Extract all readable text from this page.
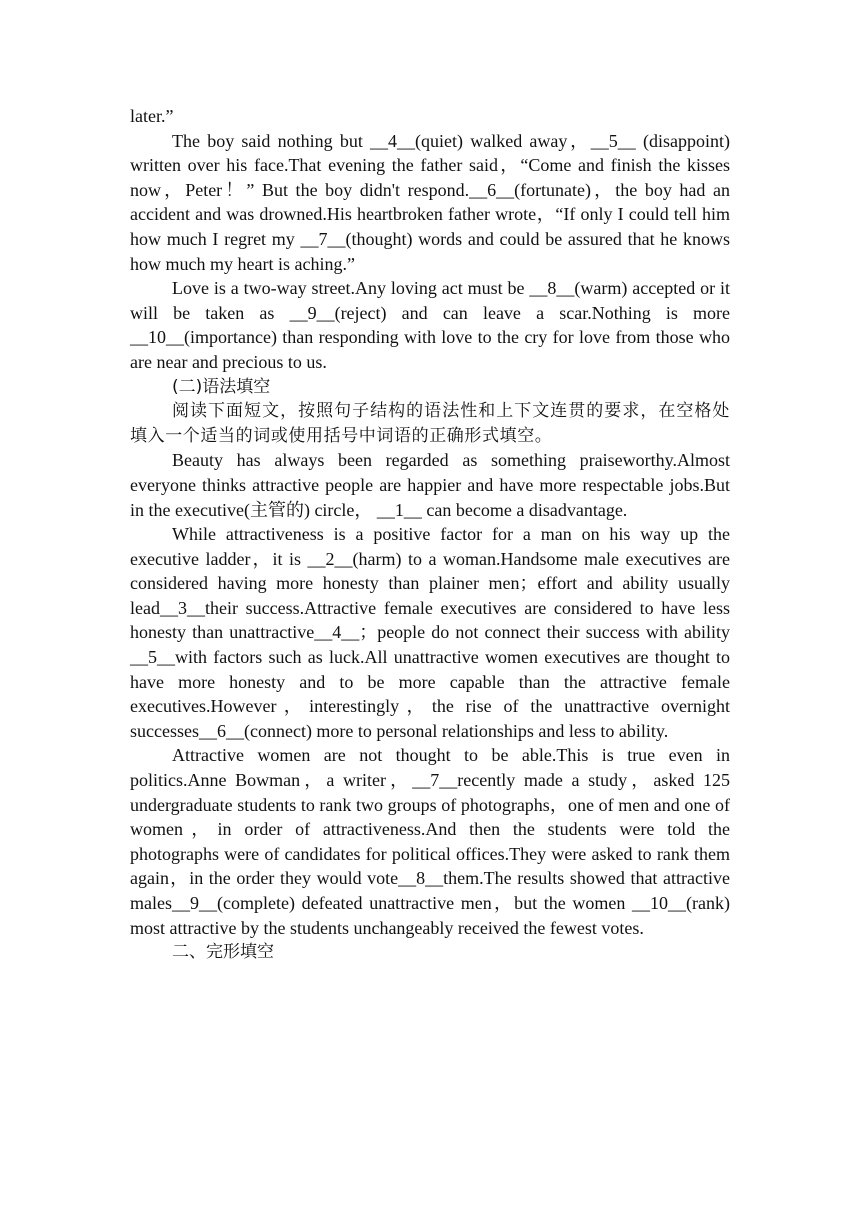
later.”

The boy said nothing but __4__(quiet) walked away，__5__ (disappoint) written over his face.That evening the father said，“Come and finish the kisses now，Peter！” But the boy didn't respond.__6__(fortunate)，the boy had an accident and was drowned.His heartbroken father wrote，“If only I could tell him how much I regret my __7__(thought) words and could be assured that he knows how much my heart is aching.”

Love is a two-way street.Any loving act must be __8__(warm) accepted or it will be taken as __9__(reject) and can leave a scar.Nothing is more __10__(importance) than responding with love to the cry for love from those who are near and precious to us.

(二)语法填空

阅读下面短文，按照句子结构的语法性和上下文连贯的要求，在空格处填入一个适当的词或使用括号中词语的正确形式填空。

Beauty has always been regarded as something praiseworthy.Almost everyone thinks attractive people are happier and have more respectable jobs.But in the executive(主管的) circle， __1__ can become a disadvantage.

While attractiveness is a positive factor for a man on his way up the executive ladder，it is __2__(harm) to a woman.Handsome male executives are considered having more honesty than plainer men；effort and ability usually lead__3__their success.Attractive female executives are considered to have less honesty than unattractive__4__；people do not connect their success with ability __5__with factors such as luck.All unattractive women executives are thought to have more honesty and to be more capable than the attractive female executives.However，interestingly，the rise of the unattractive overnight successes__6__(connect) more to personal relationships and less to ability.

Attractive women are not thought to be able.This is true even in politics.Anne Bowman，a writer，__7__recently made a study，asked 125 undergraduate students to rank two groups of photographs，one of men and one of women，in order of attractiveness.And then the students were told the photographs were of candidates for political offices.They were asked to rank them again，in the order they would vote__8__them.The results showed that attractive males__9__(complete) defeated unattractive men，but the women __10__(rank) most attractive by the students unchangeably received the fewest votes.

二、完形填空
